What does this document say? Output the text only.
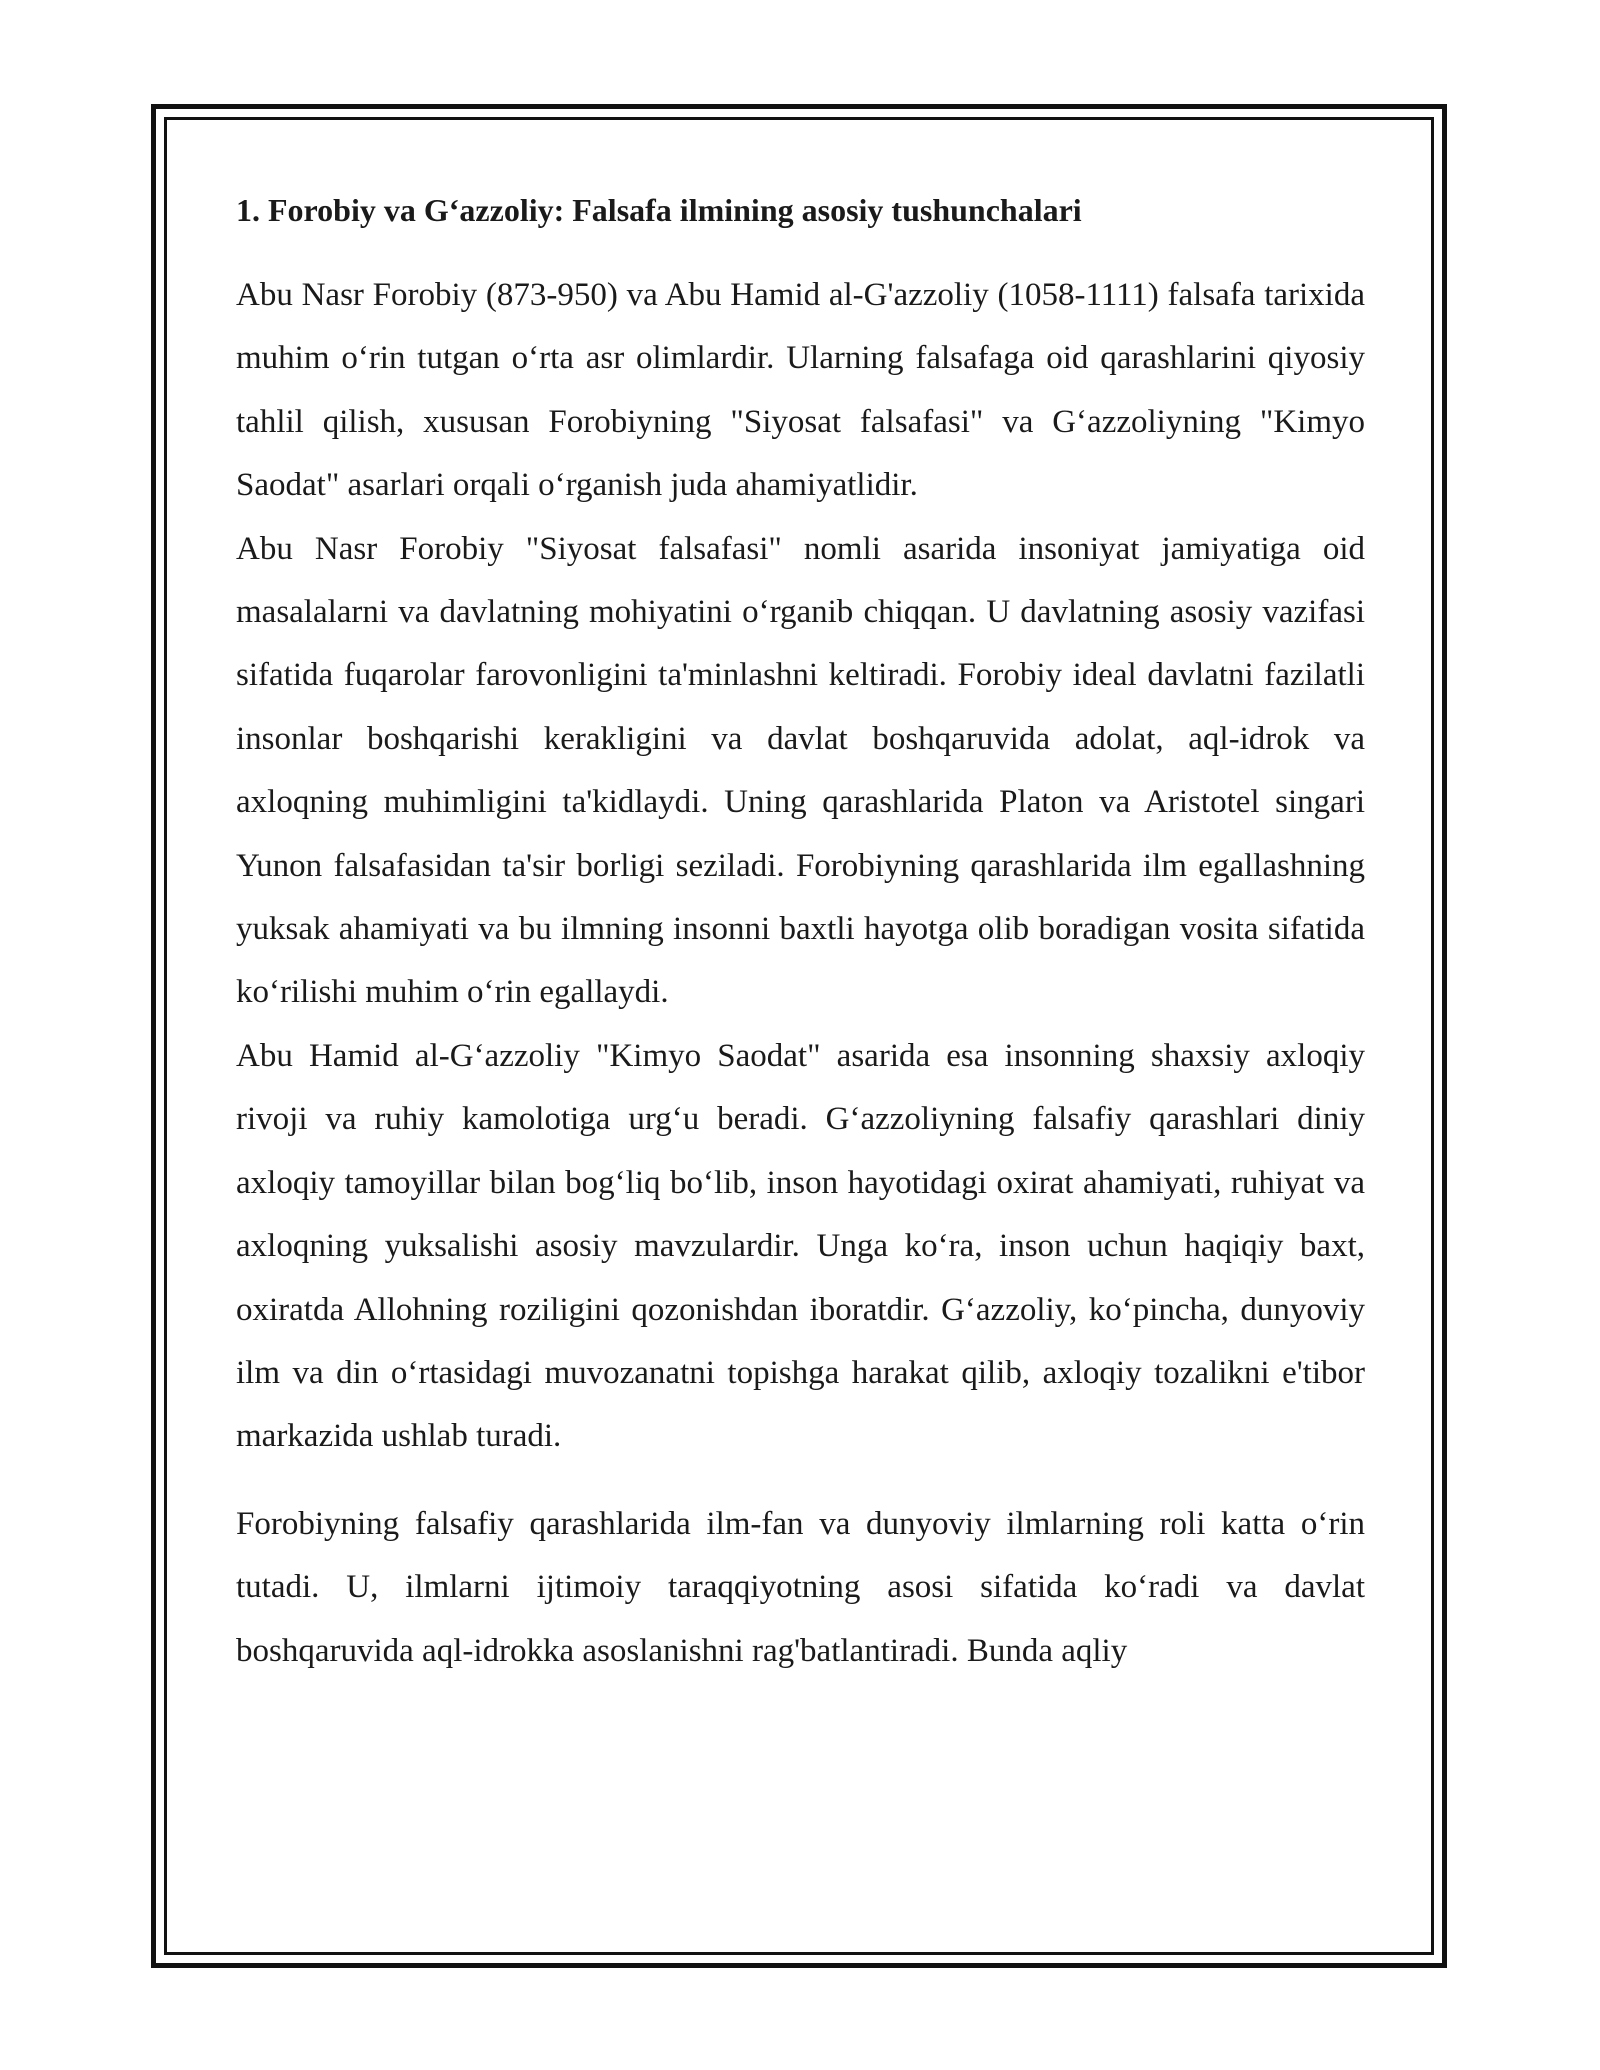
1. Forobiy va G‘azzoliy: Falsafa ilmining asosiy tushunchalari

Abu Nasr Forobiy (873-950) va Abu Hamid al-G'azzoliy (1058-1111) falsafa tarixida muhim o‘rin tutgan o‘rta asr olimlardir. Ularning falsafaga oid qarashlarini qiyosiy tahlil qilish, xususan Forobiyning "Siyosat falsafasi" va G‘azzoliyning "Kimyo Saodat" asarlari orqali o‘rganish juda ahamiyatlidir.

Abu Nasr Forobiy "Siyosat falsafasi" nomli asarida insoniyat jamiyatiga oid masalalarni va davlatning mohiyatini o‘rganib chiqqan. U davlatning asosiy vazifasi sifatida fuqarolar farovonligini ta'minlashni keltiradi. Forobiy ideal davlatni fazilatli insonlar boshqarishi kerakligini va davlat boshqaruvida adolat, aql-idrok va axloqning muhimligini ta'kidlaydi. Uning qarashlarida Platon va Aristotel singari Yunon falsafasidan ta'sir borligi seziladi. Forobiyning qarashlarida ilm egallashning yuksak ahamiyati va bu ilmning insonni baxtli hayotga olib boradigan vosita sifatida ko‘rilishi muhim o‘rin egallaydi.

Abu Hamid al-G‘azzoliy "Kimyo Saodat" asarida esa insonning shaxsiy axloqiy rivoji va ruhiy kamolotiga urg‘u beradi. G‘azzoliyning falsafiy qarashlari diniy axloqiy tamoyillar bilan bog‘liq bo‘lib, inson hayotidagi oxirat ahamiyati, ruhiyat va axloqning yuksalishi asosiy mavzulardir. Unga ko‘ra, inson uchun haqiqiy baxt, oxiratda Allohning roziligini qozonishdan iboratdir. G‘azzoliy, ko‘pincha, dunyoviy ilm va din o‘rtasidagi muvozanatni topishga harakat qilib, axloqiy tozalikni e'tibor markazida ushlab turadi.

Forobiyning falsafiy qarashlarida ilm-fan va dunyoviy ilmlarning roli katta o‘rin tutadi. U, ilmlarni ijtimoiy taraqqiyotning asosi sifatida ko‘radi va davlat boshqaruvida aql-idrokka asoslanishni rag'batlantiradi. Bunda aqliy
